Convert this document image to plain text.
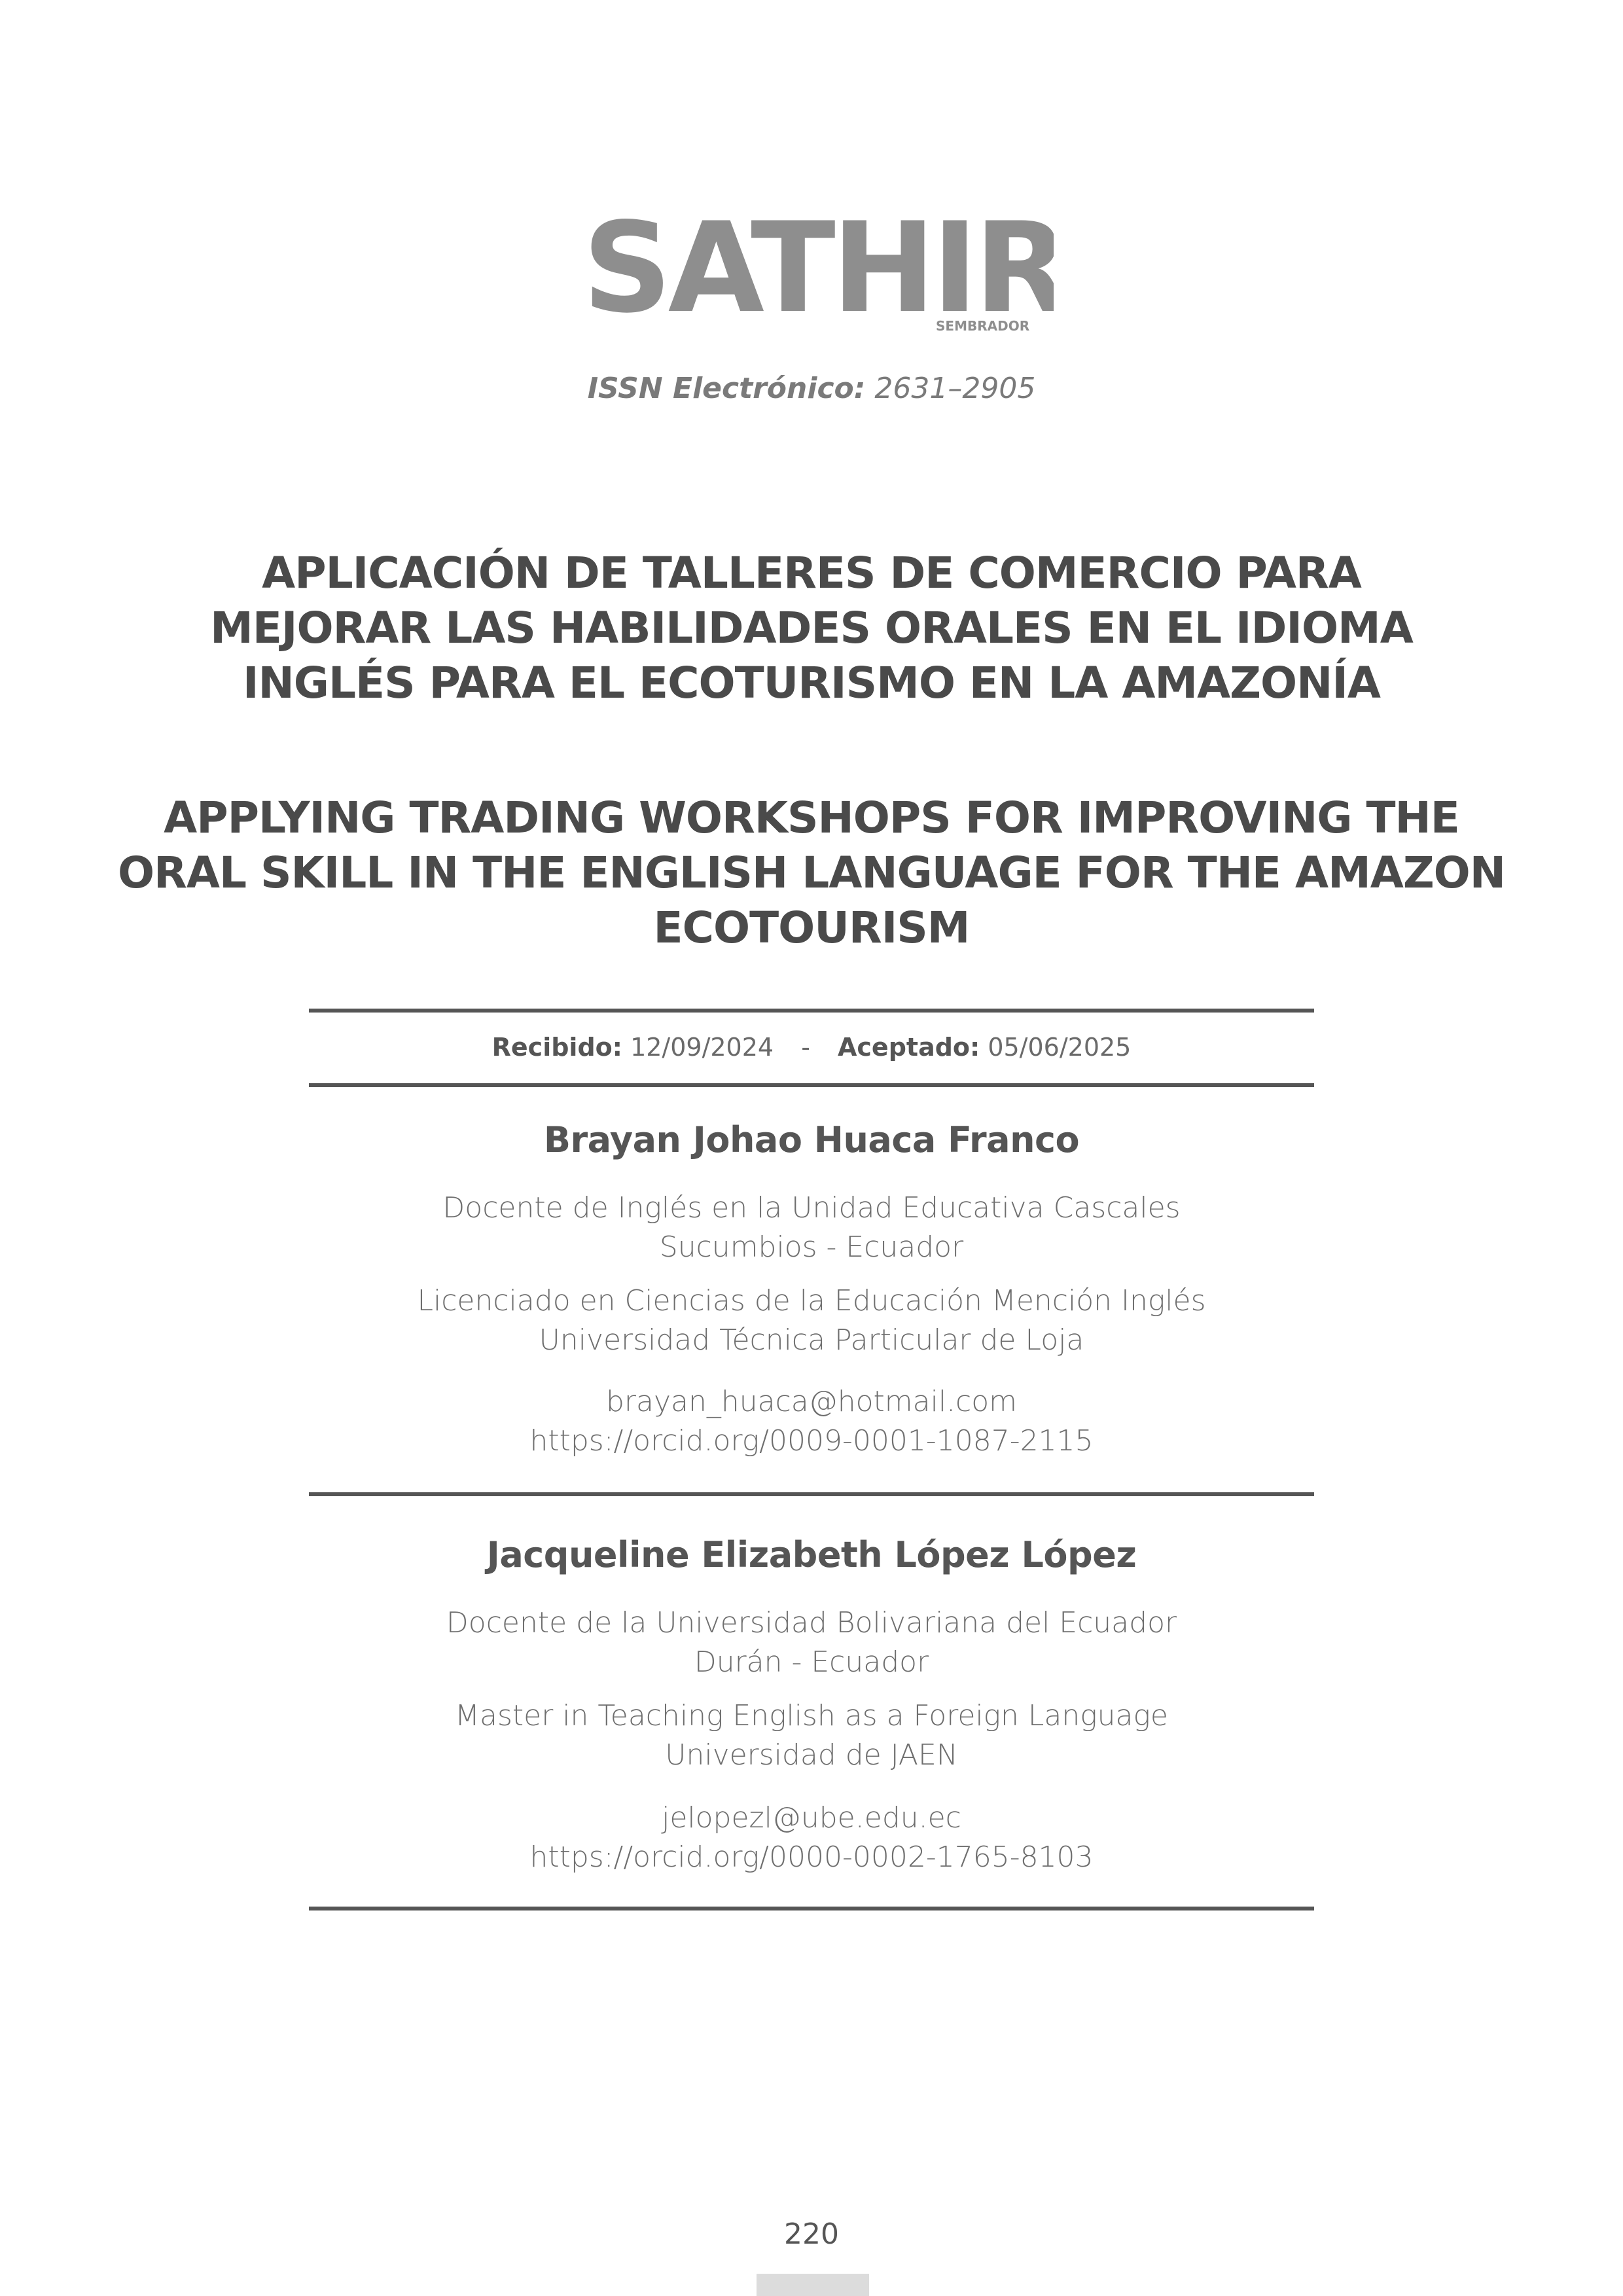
SATHIR
SEMBRADOR
ISSN Electrónico: 2631–2905
APLICACIÓN DE TALLERES DE COMERCIO PARA
MEJORAR LAS HABILIDADES ORALES EN EL IDIOMA
INGLÉS PARA EL ECOTURISMO EN LA AMAZONÍA
APPLYING TRADING WORKSHOPS FOR IMPROVING THE
ORAL SKILL IN THE ENGLISH LANGUAGE FOR THE AMAZON
ECOTOURISM
Recibido: 12/09/2024 - Aceptado: 05/06/2025
Brayan Johao Huaca Franco
Docente de Inglés en la Unidad Educativa Cascales
Sucumbios - Ecuador
Licenciado en Ciencias de la Educación Mención Inglés
Universidad Técnica Particular de Loja
brayan_huaca@hotmail.com
https://orcid.org/0009-0001-1087-2115
Jacqueline Elizabeth López López
Docente de la Universidad Bolivariana del Ecuador
Durán - Ecuador
Master in Teaching English as a Foreign Language
Universidad de JAEN
jelopezl@ube.edu.ec
https://orcid.org/0000-0002-1765-8103
220
